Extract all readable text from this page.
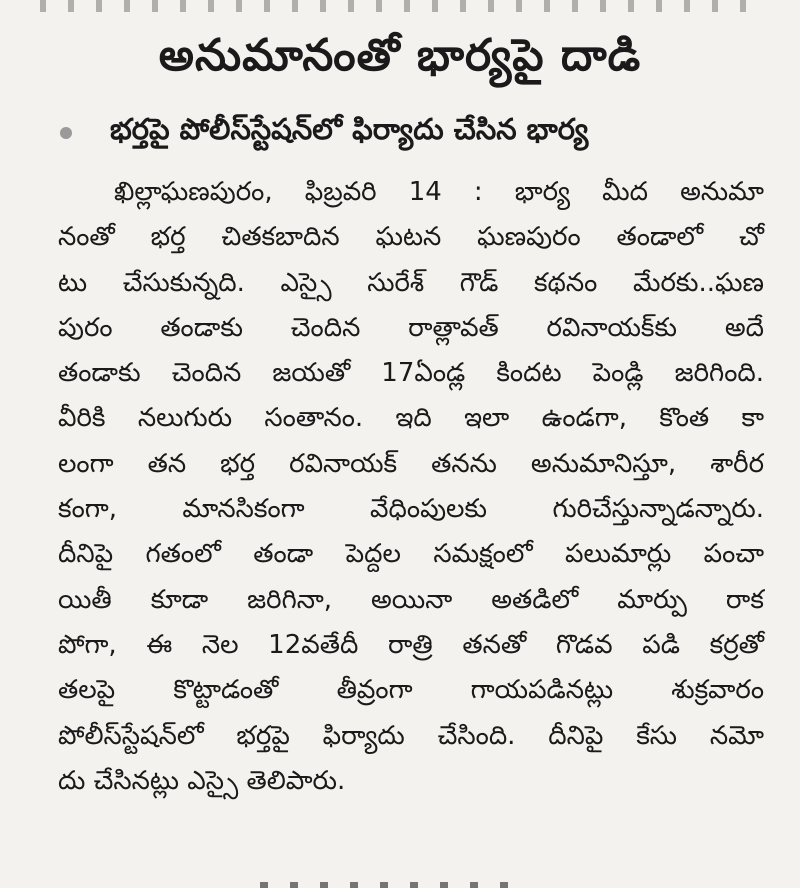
అనుమానంతో భార్యపై దాడి
భర్తపై పోలీస్‌స్టేషన్‌లో ఫిర్యాదు చేసిన భార్య
ఖిల్లాఘణపురం, ఫిబ్రవరి 14 : భార్య మీద అనుమా
నంతో భర్త చితకబాదిన ఘటన ఘణపురం తండాలో చో
టు చేసుకున్నది. ఎస్సై సురేశ్ గౌడ్ కథనం మేరకు..ఘణ
పురం తండాకు చెందిన రాత్లావత్ రవినాయక్‌కు అదే
తండాకు చెందిన జయతో 17ఏండ్ల కిందట పెండ్లి జరిగింది.
వీరికి నలుగురు సంతానం. ఇది ఇలా ఉండగా, కొంత కా
లంగా తన భర్త రవినాయక్ తనను అనుమానిస్తూ, శారీర
కంగా, మానసికంగా వేధింపులకు గురిచేస్తున్నాడన్నారు.
దీనిపై గతంలో తండా పెద్దల సమక్షంలో పలుమార్లు పంచా
యితీ కూడా జరిగినా, అయినా అతడిలో మార్పు రాక
పోగా, ఈ నెల 12వతేదీ రాత్రి తనతో గొడవ పడి కర్రతో
తలపై కొట్టాడంతో తీవ్రంగా గాయపడినట్లు శుక్రవారం
పోలీస్‌స్టేషన్‌లో భర్తపై ఫిర్యాదు చేసింది. దీనిపై కేసు నమో
దు చేసినట్లు ఎస్సై తెలిపారు.
